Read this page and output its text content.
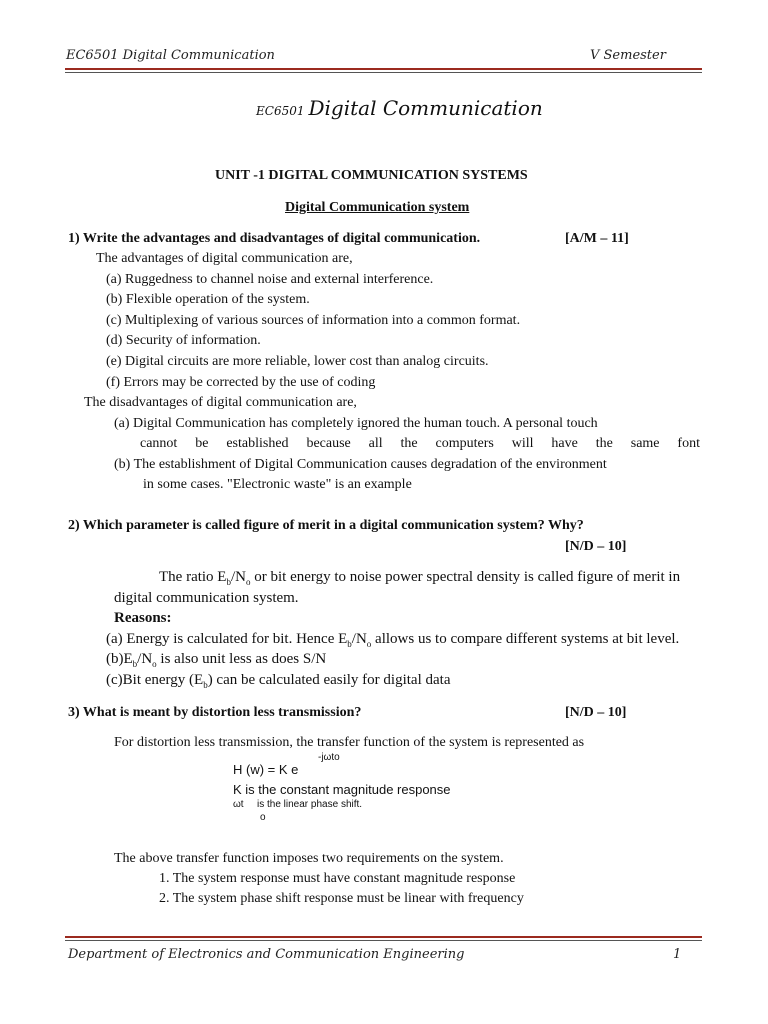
EC6501 Digital Communication	V Semester
EC6501 Digital Communication
UNIT -1 DIGITAL COMMUNICATION SYSTEMS
Digital Communication system
1) Write the advantages and disadvantages of digital communication.	[A/M – 11]
The advantages of digital communication are,
(a) Ruggedness to channel noise and external interference.
(b) Flexible operation of the system.
(c) Multiplexing of various sources of information into a common format.
(d) Security of information.
(e) Digital circuits are more reliable, lower cost than analog circuits.
(f) Errors may be corrected by the use of coding
The disadvantages of digital communication are,
(a) Digital Communication has completely ignored the human touch. A personal touch
cannot be established because all the computers will have the same font
(b) The establishment of Digital Communication causes degradation of the environment
in some cases. "Electronic waste" is an example
2) Which parameter is called figure of merit in a digital communication system? Why?
[N/D – 10]
The ratio $E_b/N_o$ or bit energy to noise power spectral density is called figure of merit in
digital communication system.
Reasons:
(a) Energy is calculated for bit. Hence $E_b/N_o$ allows us to compare different systems at bit level.
$(b)E_b/N_o$ is also unit less as does S/N
(c)Bit energy $(E_b)$ can be calculated easily for digital data
3) What is meant by distortion less transmission?	[N/D – 10]
For distortion less transmission, the transfer function of the system is represented as
H (w) = K e
-jωto
K is the constant magnitude response
ωt is the linear phase shift.
o
The above transfer function imposes two requirements on the system.
1. The system response must have constant magnitude response
2. The system phase shift response must be linear with frequency
Department of Electronics and Communication Engineering	1
